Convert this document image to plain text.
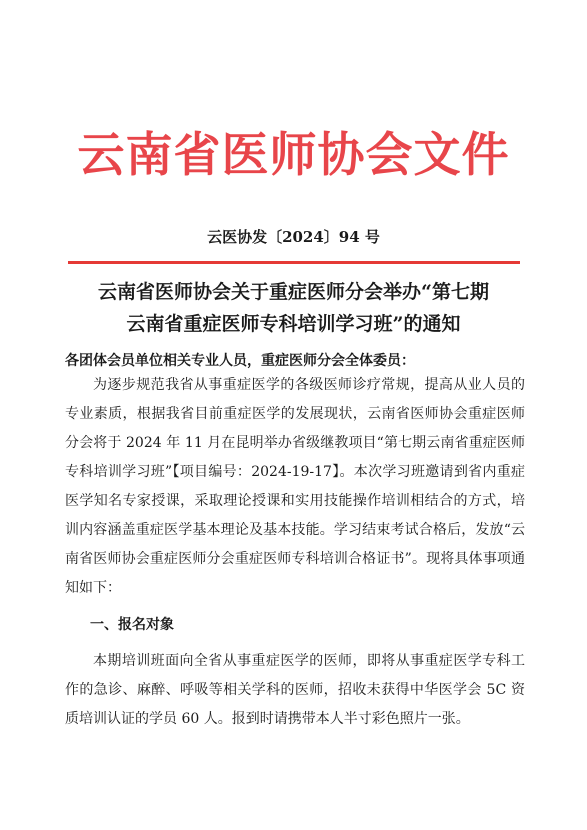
云南省医师协会文件
云医协发〔2024〕94 号
云南省医师协会关于重症医师分会举办“第七期
云南省重症医师专科培训学习班”的通知
各团体会员单位相关专业人员，重症医师分会全体委员：

为逐步规范我省从事重症医学的各级医师诊疗常规，提高从业人员的专业素质，根据我省目前重症医学的发展现状，云南省医师协会重症医师分会将于 2024 年 11 月在昆明举办省级继教项目“第七期云南省重症医师专科培训学习班”【项目编号：2024-19-17】。本次学习班邀请到省内重症医学知名专家授课，采取理论授课和实用技能操作培训相结合的方式，培训内容涵盖重症医学基本理论及基本技能。学习结束考试合格后，发放“云南省医师协会重症医师分会重症医师专科培训合格证书”。现将具体事项通知如下：

一、报名对象

本期培训班面向全省从事重症医学的医师，即将从事重症医学专科工作的急诊、麻醉、呼吸等相关学科的医师，招收未获得中华医学会 5C 资质培训认证的学员 60 人。报到时请携带本人半寸彩色照片一张。
